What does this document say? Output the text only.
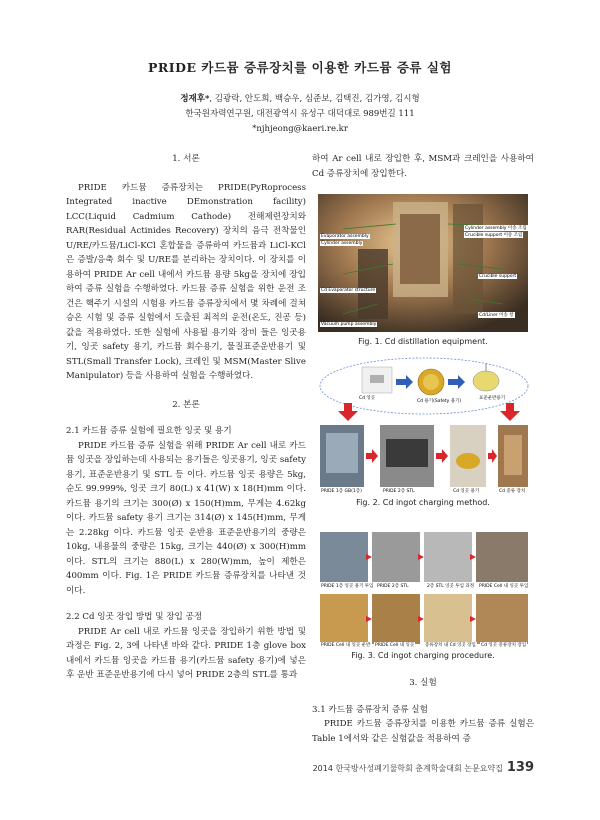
PRIDE 카드뮴 증류장치를 이용한 카드뮴 증류 실험
정재후*, 김광락, 안도희, 백승우, 심준보, 김택진, 김가영, 김시형
한국원자력연구원, 대전광역시 유성구 대덕대로 989번길 111
*njhjeong@kaeri.re.kr
1. 서론

PRIDE 카드뮴 증류장치는 PRIDE(PyRoprocess Integrated inactive DEmonstration facility) LCC(Liquid Cadmium Cathode) 전해제련장치와 RAR(Residual Actinides Recovery) 장치의 음극 전착물인 U/RE/카드뮴/LiCl-KCl 혼합물을 증류하여 카드뮴과 LiCl-KCl은 증발/응축 회수 및 U/RE를 분리하는 장치이다. 이 장치를 이용하여 PRIDE Ar cell 내에서 카드뮴 용량 5kg을 장치에 장입하여 증류 실험을 수행하였다. 카드뮴 증류 실험을 위한 운전 조건은 핵주기 시설의 시험용 카드뮴 증류장치에서 몇 차례에 걸쳐 승온 시험 및 증류 실험에서 도출된 최적의 운전(온도, 진공 등) 값을 적용하였다. 또한 실험에 사용될 용기와 장비 들은 잉곳용기, 잉곳 safety 용기, 카드뮴 회수용기, 물질표준운반용기 및 STL(Small Transfer Lock), 크레인 및 MSM(Master Slive Manipulator) 등을 사용하여 실험을 수행하였다.

2. 본론
2.1 카드뮴 증류 실험에 필요한 잉곳 및 용기

PRIDE 카드뮴 증류 실험을 위해 PRIDE Ar cell 내로 카드뮴 잉곳을 장입하는데 사용되는 용기들은 잉곳용기, 잉곳 safety 용기, 표준운반용기 및 STL 등 이다. 카드뮴 잉곳 용량은 5kg, 순도 99.999%, 잉곳 크기 80(L) x 41(W) x 18(H)mm 이다. 카드뮴 용기의 크기는 300(Ø) x 150(H)mm, 무게는 4.62kg 이다. 카드뮴 safety 용기 크기는 314(Ø) x 145(H)mm, 무게는 2.28kg 이다. 카드뮴 잉곳 운반용 표준운반용기의 중량은 10kg, 내용물의 중량은 15kg, 크기는 440(Ø) x 300(H)mm 이다. STL의 크기는 880(L) x 280(W)mm, 높이 제한은 400mm 이다. Fig. 1은 PRIDE 카드뮴 증류장치를 나타낸 것이다.

2.2 Cd 잉곳 장입 방법 및 장입 공정

PRIDE Ar cell 내로 카드뮴 잉곳을 장입하기 위한 방법 및 과정은 Fig. 2, 3에 나타낸 바와 같다. PRIDE 1층 glove box 내에서 카드뮴 잉곳을 카드뮴 용기(카드뮴 safety 용기)에 넣은 후 운반 표준운반용기에 다시 넣어 PRIDE 2층의 STL를 통과

하여 Ar cell 내로 장입한 후, MSM과 크레인을 사용하여 Cd 증류장치에 장입한다.

Evaporator assembly
Cylinder assembly
Cylinder assembly 이송 조립
Crucible support 이송 조립
Cd Evaporator structure
Crucible support
Vacuum pump assembly
Cd/Liner 이송 항
Fig. 1. Cd distillation equipment.
Cd 잉곳
Cd 용기(Safety 용기)
표준운반용기
PRIDE 1층 GB(1층)	PRIDE 2층 STL	Cd 잉곳 용기	Cd 증류 장치
Fig. 2. Cd ingot charging method.
PRIDE 1층 잉곳 용기 투입 PRIDE 2층 STL	2층 STL 잉곳 투입 과정 PRIDE Cell 내 잉곳 투입
PRIDE Cell 내 잉곳 운반 PRIDE Cell 내 잉곳 증류장치 내 Cd 잉곳 장입 Cd 잉곳 증류장치 장입
Fig. 3. Cd ingot charging procedure.
3. 실험
3.1 카드뮴 증류장치 증류 실험

PRIDE 카드뮴 증류장치를 이용한 카드뮴 증류 실험은 Table 1에서와 같은 실험값을 적용하여 증

2014 한국방사성폐기물학회 춘계학술대회 논문요약집 139
